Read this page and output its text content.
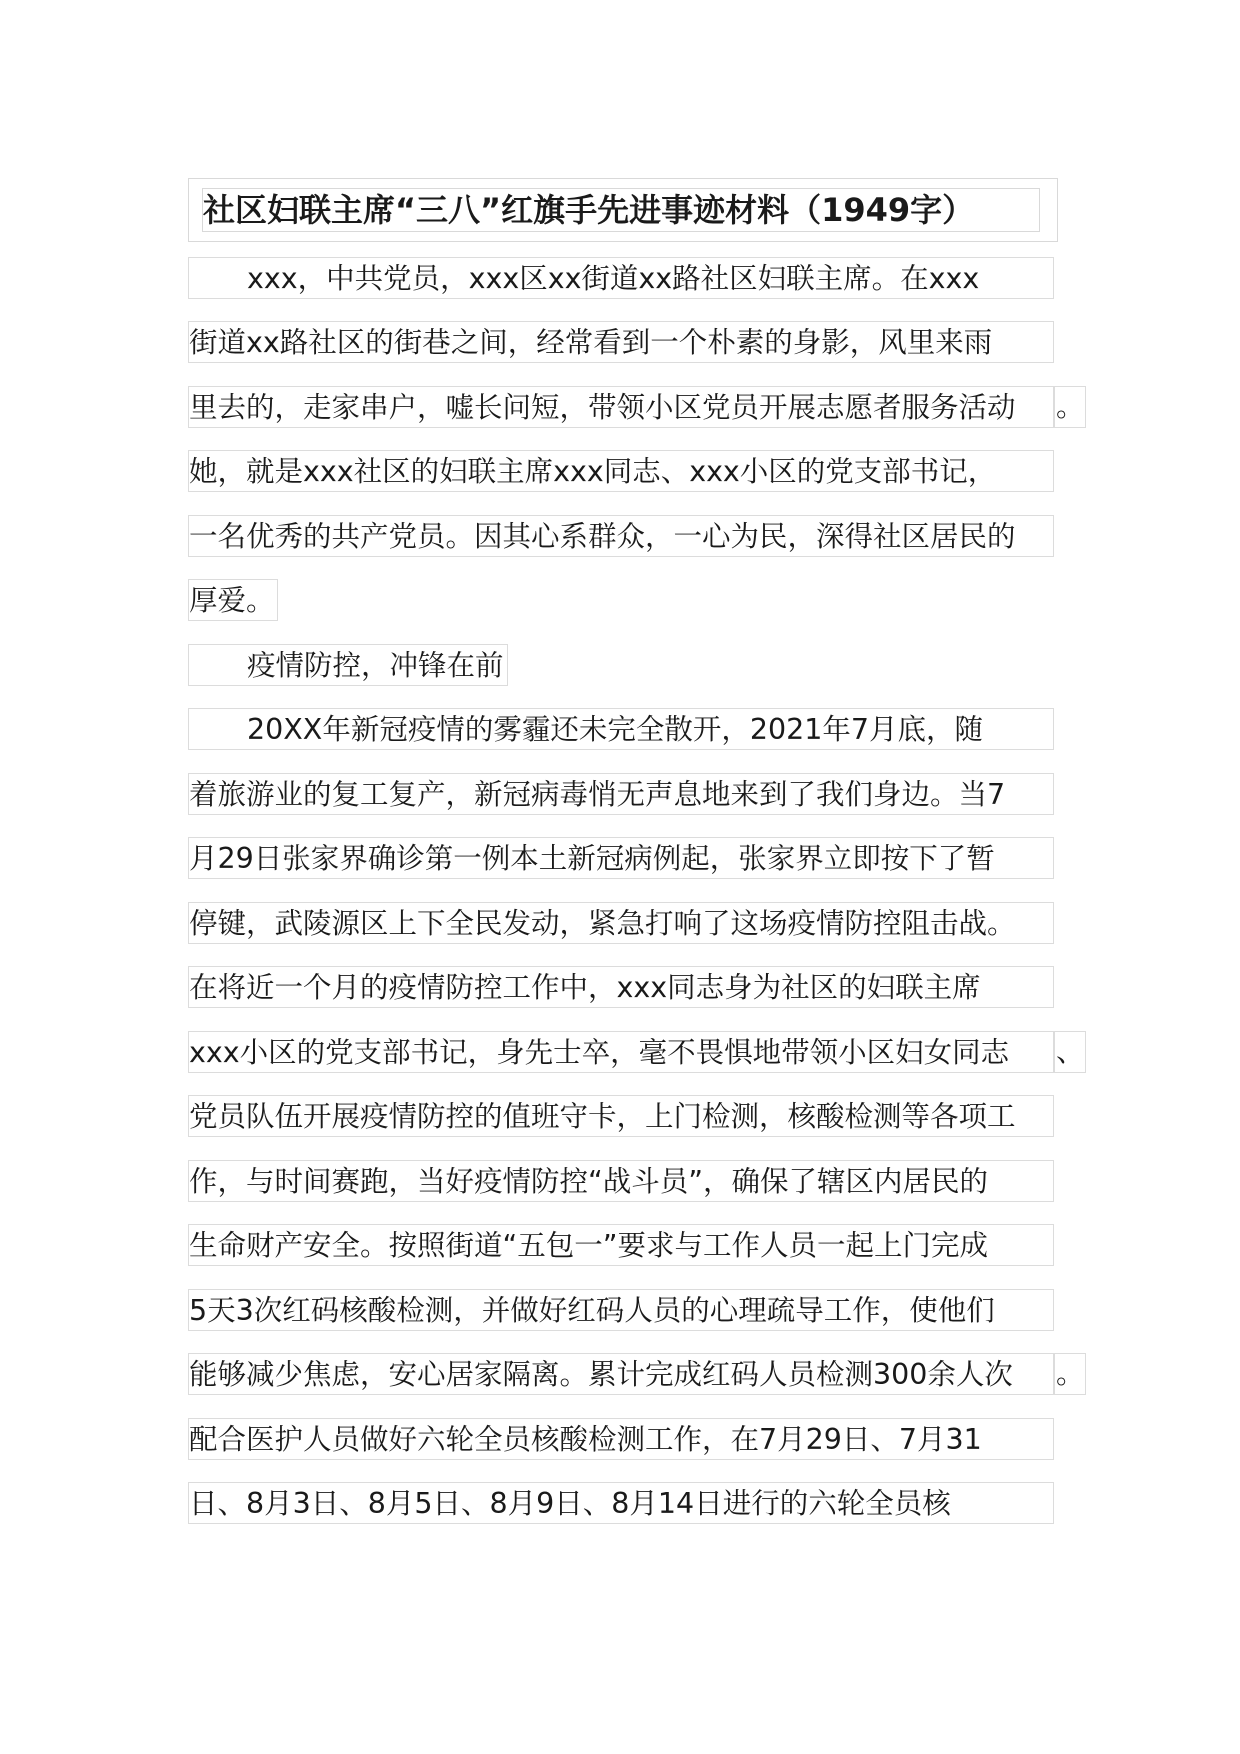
社区妇联主席“三八”红旗手先进事迹材料（1949字）
xxx，中共党员，xxx区xx街道xx路社区妇联主席。在xxx
街道xx路社区的街巷之间，经常看到一个朴素的身影，风里来雨
里去的，走家串户，嘘长问短，带领小区党员开展志愿者服务活动	。
她，就是xxx社区的妇联主席xxx同志、xxx小区的党支部书记，
一名优秀的共产党员。因其心系群众，一心为民，深得社区居民的
厚爱。
疫情防控，冲锋在前
20XX年新冠疫情的雾霾还未完全散开，2021年7月底，随
着旅游业的复工复产，新冠病毒悄无声息地来到了我们身边。当7
月29日张家界确诊第一例本土新冠病例起，张家界立即按下了暂
停键，武陵源区上下全民发动，紧急打响了这场疫情防控阻击战。
在将近一个月的疫情防控工作中，xxx同志身为社区的妇联主席
xxx小区的党支部书记，身先士卒，毫不畏惧地带领小区妇女同志	、
党员队伍开展疫情防控的值班守卡，上门检测，核酸检测等各项工
作，与时间赛跑，当好疫情防控“战斗员”，确保了辖区内居民的
生命财产安全。按照街道“五包一”要求与工作人员一起上门完成
5天3次红码核酸检测，并做好红码人员的心理疏导工作，使他们
能够减少焦虑，安心居家隔离。累计完成红码人员检测300余人次	。
配合医护人员做好六轮全员核酸检测工作，在7月29日、7月31
日、8月3日、8月5日、8月9日、8月14日进行的六轮全员核
